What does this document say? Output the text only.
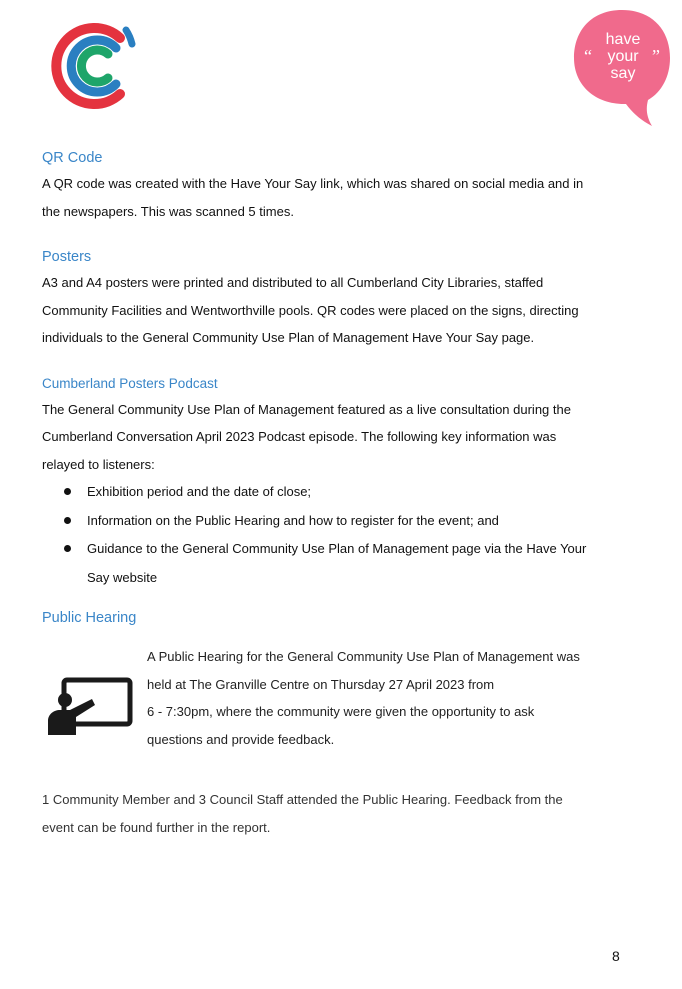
have
your
say
“	”
QR Code

A QR code was created with the Have Your Say link, which was shared on social media and in

the newspapers. This was scanned 5 times.

Posters

A3 and A4 posters were printed and distributed to all Cumberland City Libraries, staffed

Community Facilities and Wentworthville pools. QR codes were placed on the signs, directing

individuals to the General Community Use Plan of Management Have Your Say page.

Cumberland Posters Podcast

The General Community Use Plan of Management featured as a live consultation during the

Cumberland Conversation April 2023 Podcast episode. The following key information was

relayed to listeners:

Exhibition period and the date of close;
Information on the Public Hearing and how to register for the event; and
Guidance to the General Community Use Plan of Management page via the Have Your
Say website
Public Hearing

A Public Hearing for the General Community Use Plan of Management was

held at The Granville Centre on Thursday 27 April 2023 from

6 - 7:30pm, where the community were given the opportunity to ask

questions and provide feedback.

1 Community Member and 3 Council Staff attended the Public Hearing. Feedback from the

event can be found further in the report.

8
